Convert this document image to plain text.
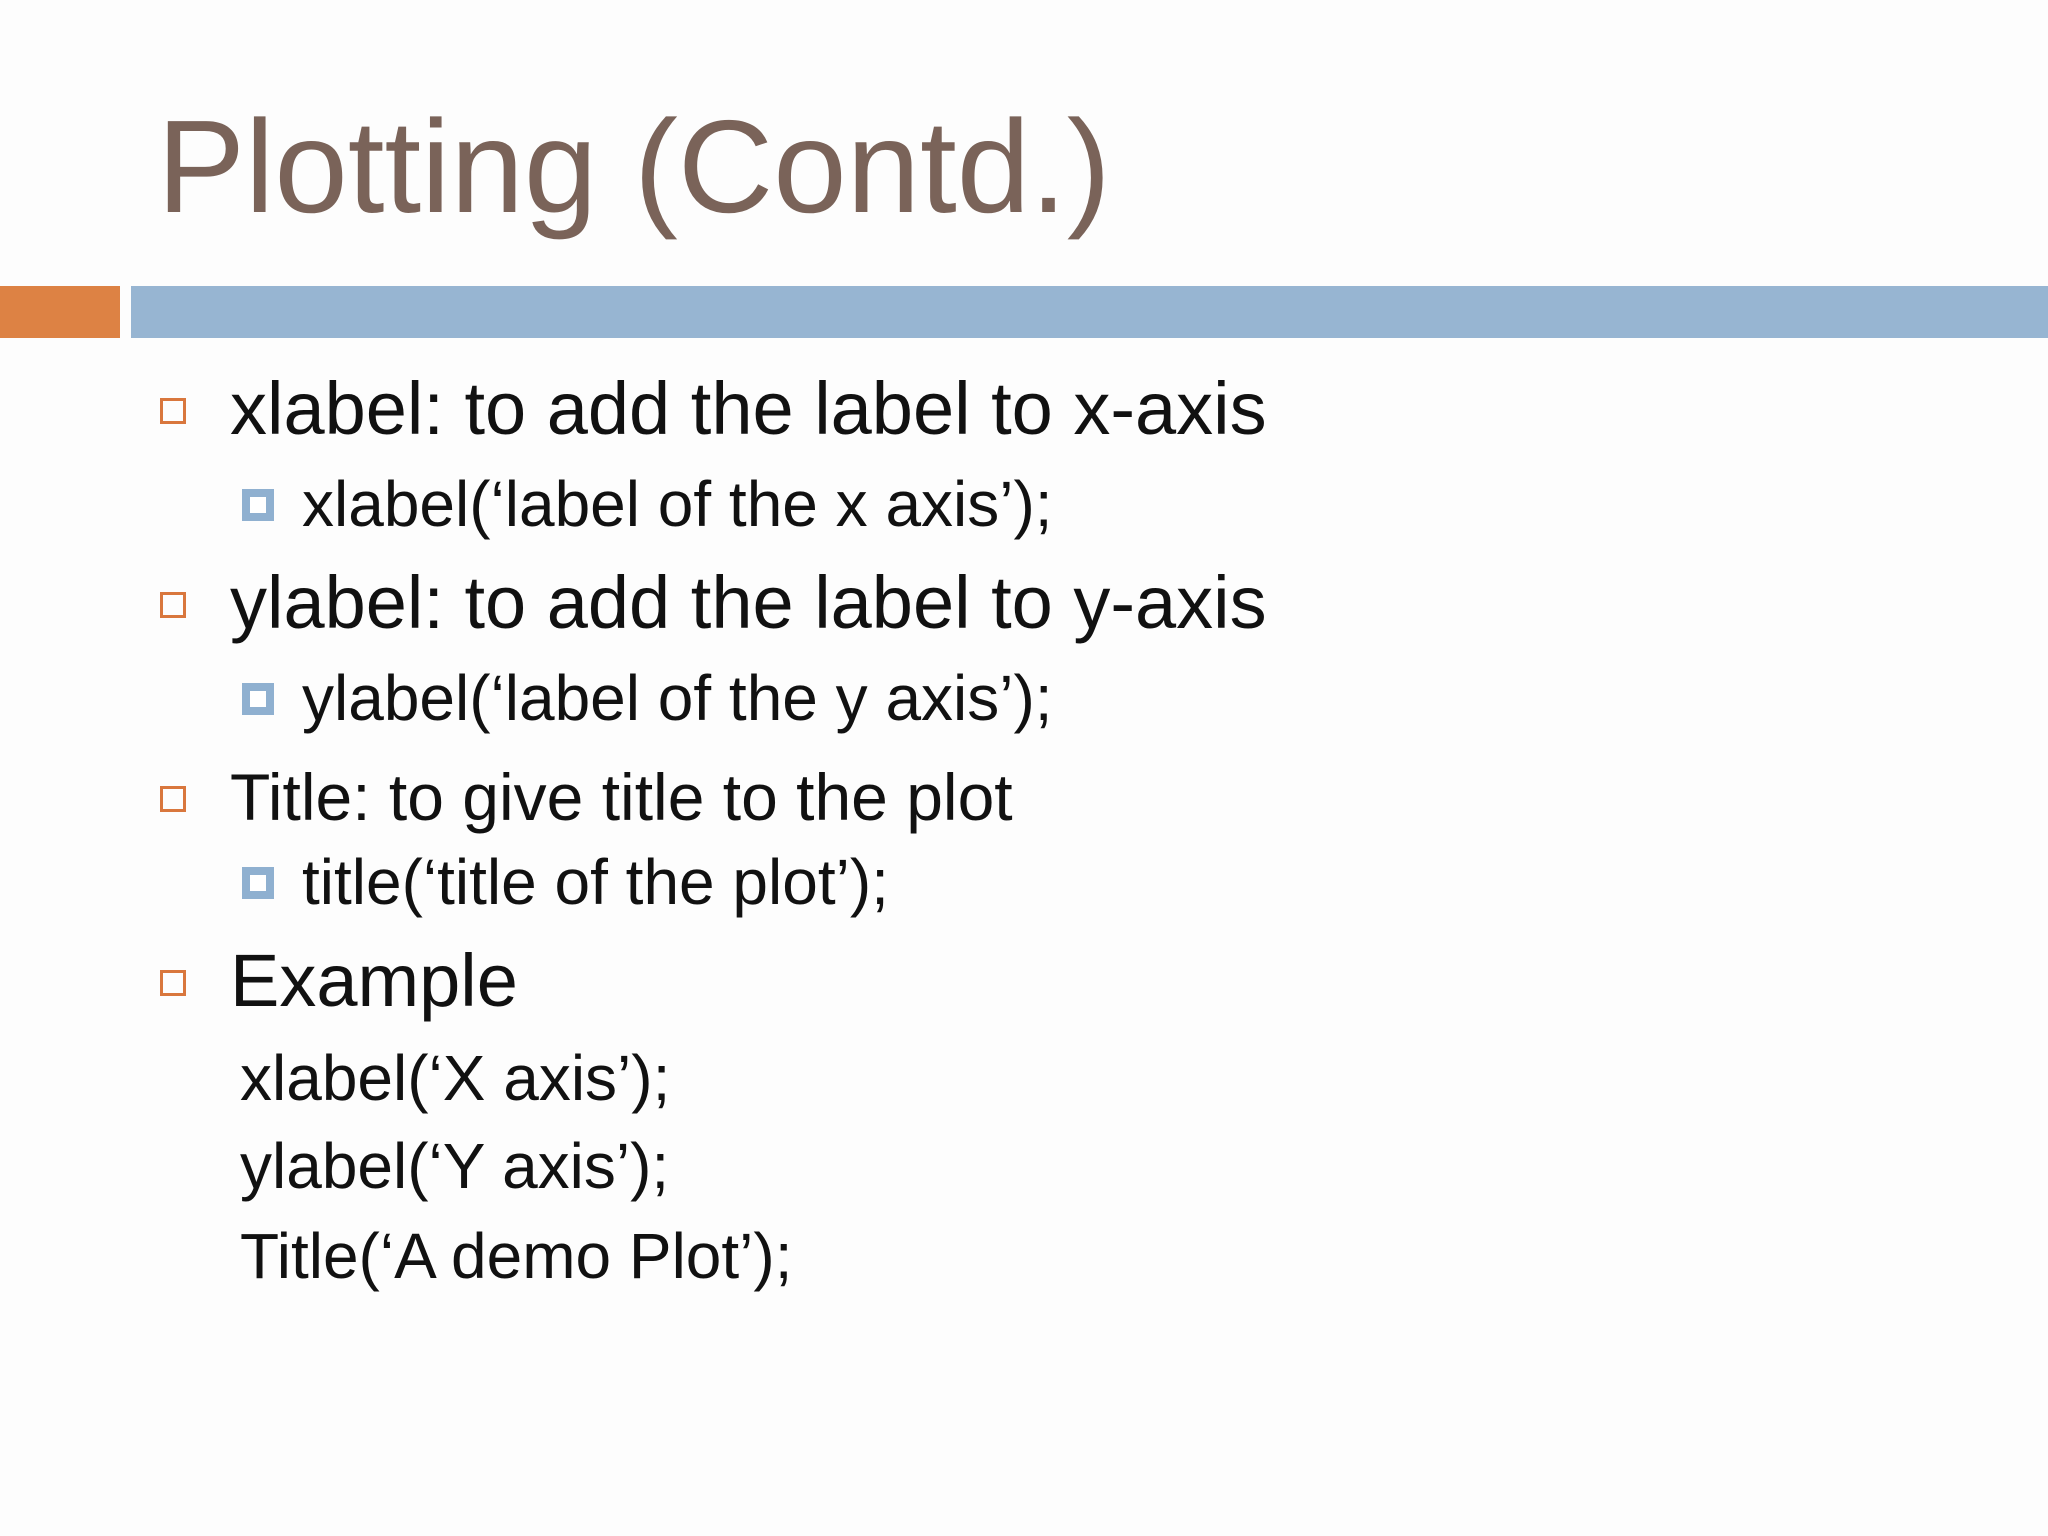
Plotting (Contd.)
xlabel: to add the label to x-axis
xlabel(‘label of the x axis’);
ylabel: to add the label to y-axis
ylabel(‘label of the y axis’);
Title: to give title to the plot
title(‘title of the plot’);
Example
xlabel(‘X axis’);
ylabel(‘Y axis’);
Title(‘A demo Plot’);
